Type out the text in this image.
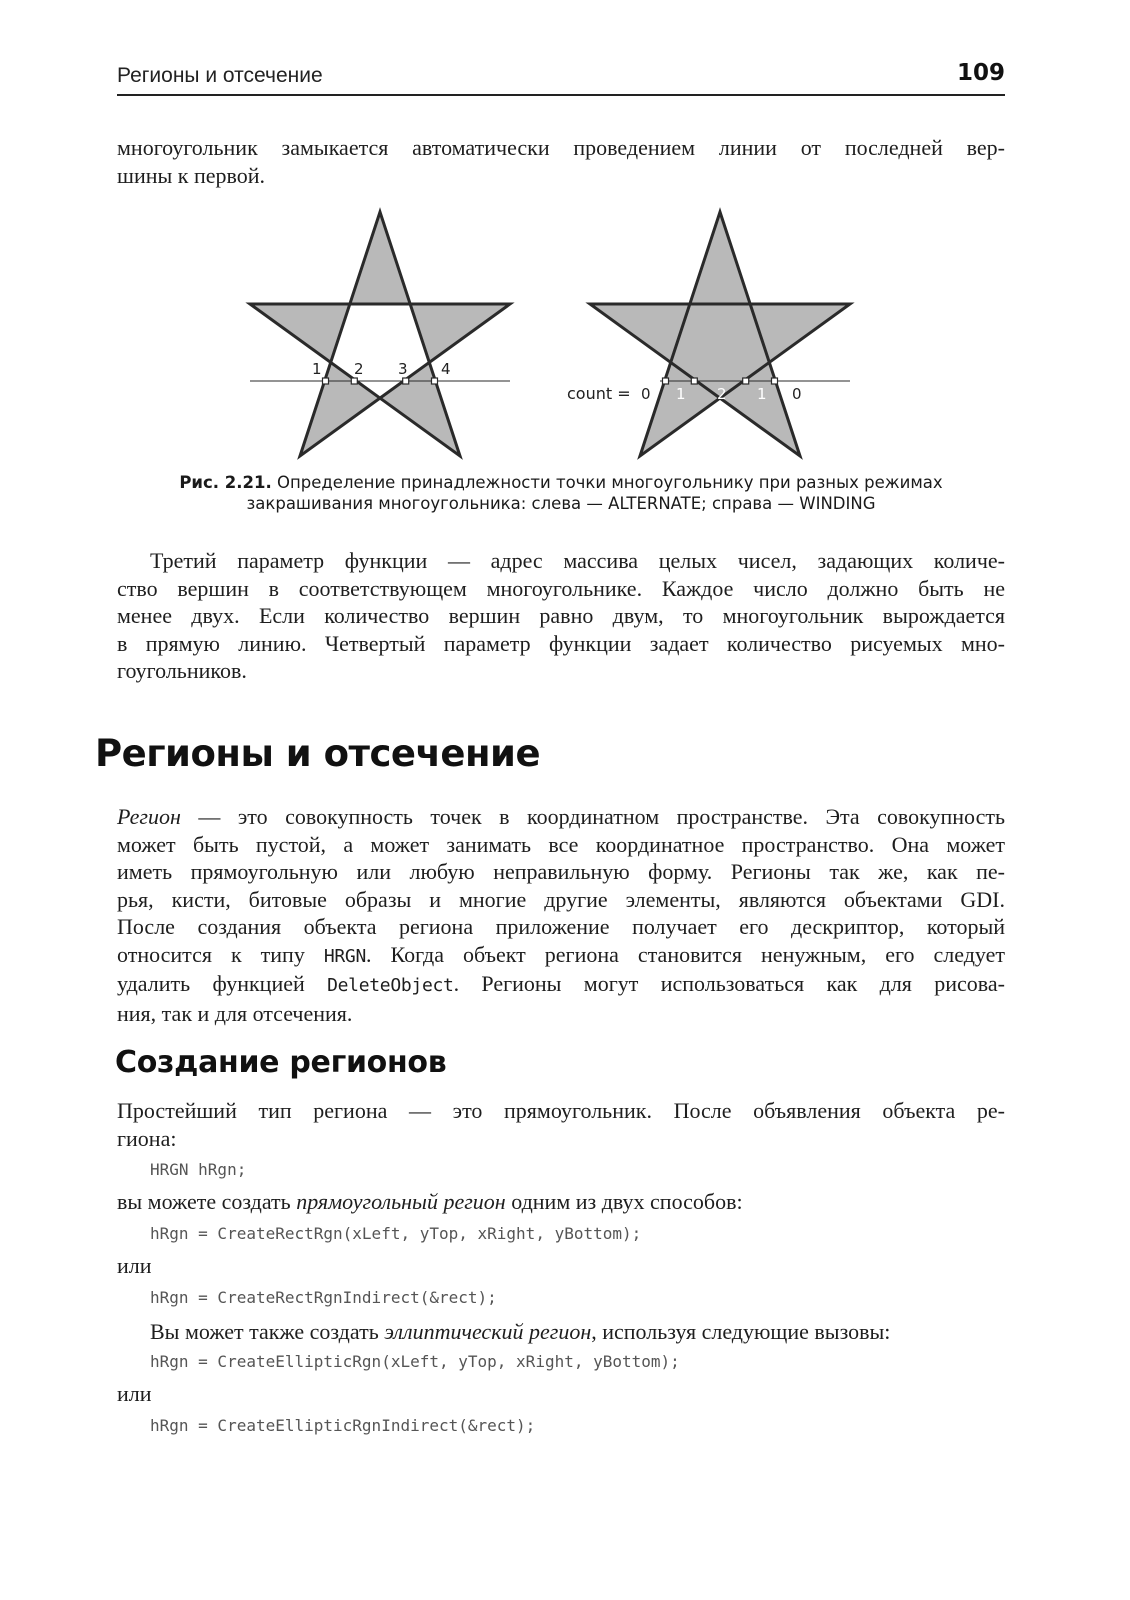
Регионы и отсечение	109
многоугольник замыкается автоматически проведением линии от последней вер-
шины к первой.
1 2 3 4
count = 0 1 2 1 0
Рис. 2.21. Определение принадлежности точки многоугольнику при разных режимах
закрашивания многоугольника: слева — ALTERNATE; справа — WINDING
Третий параметр функции — адрес массива целых чисел, задающих количе-
ство вершин в соответствующем многоугольнике. Каждое число должно быть не
менее двух. Если количество вершин равно двум, то многоугольник вырождается
в прямую линию. Четвертый параметр функции задает количество рисуемых мно-
гоугольников.
Регионы и отсечение
Регион — это совокупность точек в координатном пространстве. Эта совокупность
может быть пустой, а может занимать все координатное пространство. Она может
иметь прямоугольную или любую неправильную форму. Регионы так же, как пе-
рья, кисти, битовые образы и многие другие элементы, являются объектами GDI.
После создания объекта региона приложение получает его дескриптор, который
относится к типу HRGN. Когда объект региона становится ненужным, его следует
удалить функцией DeleteObject. Регионы могут использоваться как для рисова-
ния, так и для отсечения.
Создание регионов
Простейший тип региона — это прямоугольник. После объявления объекта ре-
гиона:
HRGN hRgn;
вы можете создать прямоугольный регион одним из двух способов:
hRgn = CreateRectRgn(xLeft, yTop, xRight, yBottom);
или
hRgn = CreateRectRgnIndirect(&rect);
Вы может также создать эллиптический регион, используя следующие вызовы:
hRgn = CreateEllipticRgn(xLeft, yTop, xRight, yBottom);
или
hRgn = CreateEllipticRgnIndirect(&rect);
